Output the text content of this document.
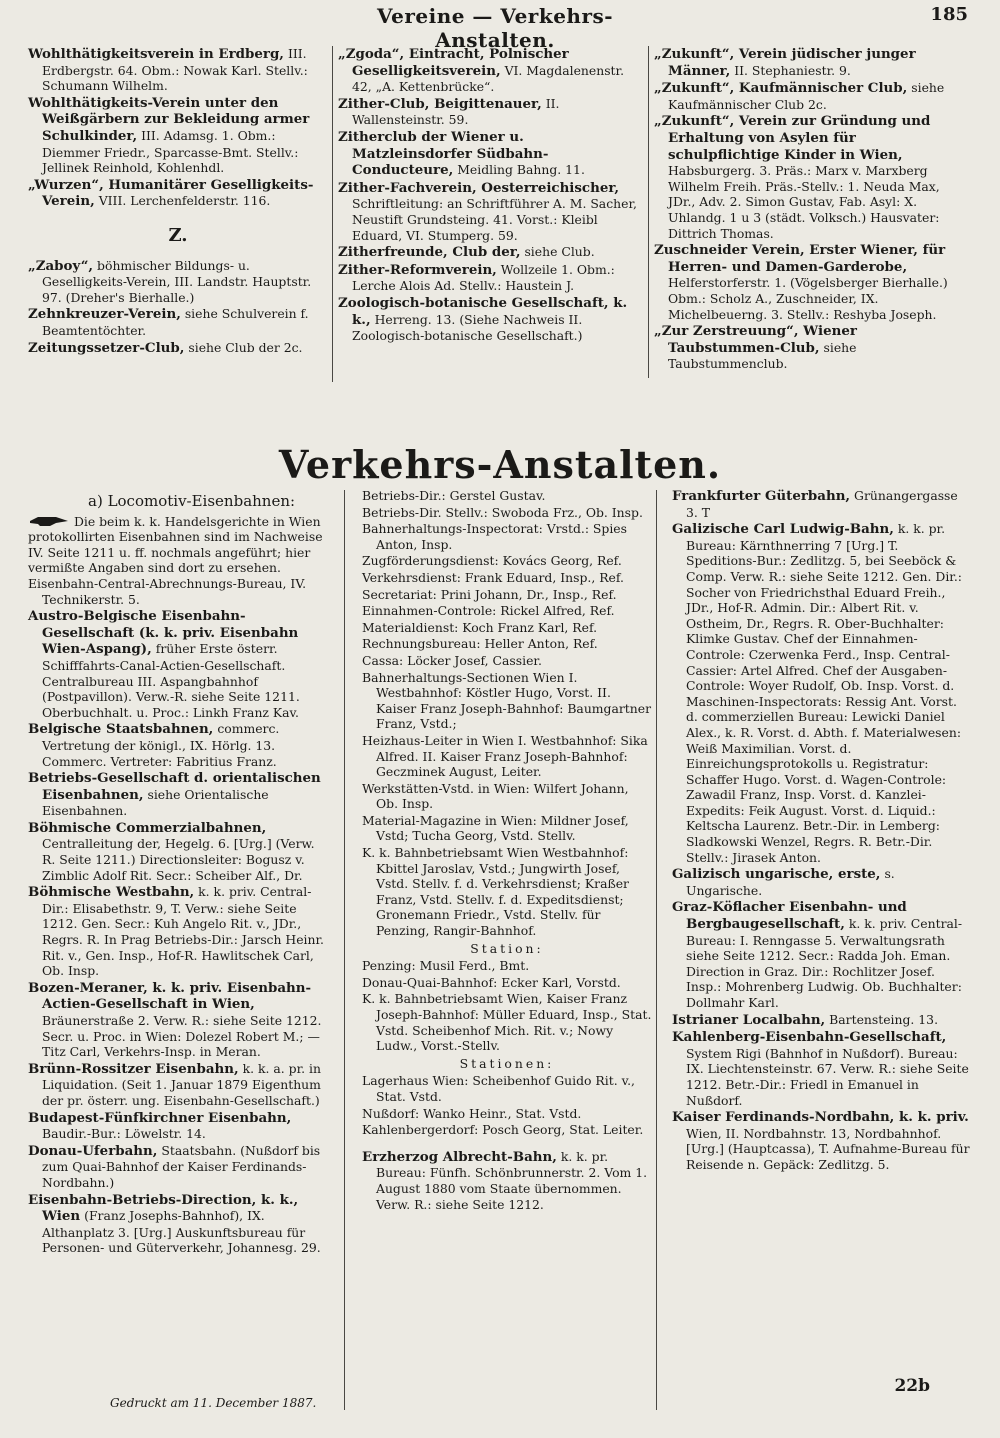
Vereine — Verkehrs-Anstalten.
185
Wohlthätigkeitsverein in Erdberg, III. Erdbergstr. 64. Obm.: Nowak Karl. Stellv.: Schumann Wilhelm.
Wohlthätigkeits-Verein unter den Weißgärbern zur Bekleidung armer Schulkinder, III. Adamsg. 1. Obm.: Diemmer Friedr., Sparcasse-Bmt. Stellv.: Jellinek Reinhold, Kohlenhdl.
„Wurzen“, Humanitärer Geselligkeits-Verein, VIII. Lerchenfelderstr. 116.
Z.
„Zaboy“, böhmischer Bildungs- u. Geselligkeits-Verein, III. Landstr. Hauptstr. 97. (Dreher's Bierhalle.)
Zehnkreuzer-Verein, siehe Schulverein f. Beamtentöchter.
Zeitungssetzer-Club, siehe Club der 2c.
„Zgoda“, Eintracht, Polnischer Geselligkeitsverein, VI. Magdalenenstr. 42, „A. Kettenbrücke“.
Zither-Club, Beigittenauer, II. Wallensteinstr. 59.
Zitherclub der Wiener u. Matzleinsdorfer Südbahn-Conducteure, Meidling Bahng. 11.
Zither-Fachverein, Oesterreichischer, Schriftleitung: an Schriftführer A. M. Sacher, Neustift Grundsteing. 41. Vorst.: Kleibl Eduard, VI. Stumperg. 59.
Zitherfreunde, Club der, siehe Club.
Zither-Reformverein, Wollzeile 1. Obm.: Lerche Alois Ad. Stellv.: Haustein J.
Zoologisch-botanische Gesellschaft, k. k., Herreng. 13. (Siehe Nachweis II. Zoologisch-botanische Gesellschaft.)
„Zukunft“, Verein jüdischer junger Männer, II. Stephaniestr. 9.
„Zukunft“, Kaufmännischer Club, siehe Kaufmännischer Club 2c.
„Zukunft“, Verein zur Gründung und Erhaltung von Asylen für schulpflichtige Kinder in Wien, Habsburgerg. 3. Präs.: Marx v. Marxberg Wilhelm Freih. Präs.-Stellv.: 1. Neuda Max, JDr., Adv. 2. Simon Gustav, Fab. Asyl: X. Uhlandg. 1 u 3 (städt. Volksch.) Hausvater: Dittrich Thomas.
Zuschneider Verein, Erster Wiener, für Herren- und Damen-Garderobe, Helferstorferstr. 1. (Vögelsberger Bierhalle.) Obm.: Scholz A., Zuschneider, IX. Michelbeuerng. 3. Stellv.: Reshyba Joseph.
„Zur Zerstreuung“, Wiener Taubstummen-Club, siehe Taubstummenclub.
Verkehrs-Anstalten.
a) Locomotiv-Eisenbahnen:
Die beim k. k. Handelsgerichte in Wien protokollirten Eisenbahnen sind im Nachweise IV. Seite 1211 u. ff. nochmals angeführt; hier vermißte Angaben sind dort zu ersehen.
Eisenbahn-Central-Abrechnungs-Bureau, IV. Technikerstr. 5.
Austro-Belgische Eisenbahn-Gesellschaft (k. k. priv. Eisenbahn Wien-Aspang), früher Erste österr. Schifffahrts-Canal-Actien-Gesellschaft. Centralbureau III. Aspangbahnhof (Postpavillon). Verw.-R. siehe Seite 1211. Oberbuchhalt. u. Proc.: Linkh Franz Kav.
Belgische Staatsbahnen, commerc. Vertretung der königl., IX. Hörlg. 13. Commerc. Vertreter: Fabritius Franz.
Betriebs-Gesellschaft d. orientalischen Eisenbahnen, siehe Orientalische Eisenbahnen.
Böhmische Commerzialbahnen, Centralleitung der, Hegelg. 6. [Urg.] (Verw. R. Seite 1211.) Directionsleiter: Bogusz v. Zimblic Adolf Rit. Secr.: Scheiber Alf., Dr.
Böhmische Westbahn, k. k. priv. Central-Dir.: Elisabethstr. 9, T. Verw.: siehe Seite 1212. Gen. Secr.: Kuh Angelo Rit. v., JDr., Regrs. R. In Prag Betriebs-Dir.: Jarsch Heinr. Rit. v., Gen. Insp., Hof-R. Hawlitschek Carl, Ob. Insp.
Bozen-Meraner, k. k. priv. Eisenbahn-Actien-Gesellschaft in Wien, Bräunerstraße 2. Verw. R.: siehe Seite 1212. Secr. u. Proc. in Wien: Dolezel Robert M.; — Titz Carl, Verkehrs-Insp. in Meran.
Brünn-Rossitzer Eisenbahn, k. k. a. pr. in Liquidation. (Seit 1. Januar 1879 Eigenthum der pr. österr. ung. Eisenbahn-Gesellschaft.)
Budapest-Fünfkirchner Eisenbahn, Baudir.-Bur.: Löwelstr. 14.
Donau-Uferbahn, Staatsbahn. (Nußdorf bis zum Quai-Bahnhof der Kaiser Ferdinands-Nordbahn.)
Eisenbahn-Betriebs-Direction, k. k., Wien (Franz Josephs-Bahnhof), IX. Althanplatz 3. [Urg.] Auskunftsbureau für Personen- und Güterverkehr, Johannesg. 29.
Betriebs-Dir.: Gerstel Gustav.
Betriebs-Dir. Stellv.: Swoboda Frz., Ob. Insp.
Bahnerhaltungs-Inspectorat: Vrstd.: Spies Anton, Insp.
Zugförderungsdienst: Kovács Georg, Ref.
Verkehrsdienst: Frank Eduard, Insp., Ref.
Secretariat: Prini Johann, Dr., Insp., Ref.
Einnahmen-Controle: Rickel Alfred, Ref.
Materialdienst: Koch Franz Karl, Ref.
Rechnungsbureau: Heller Anton, Ref.
Cassa: Löcker Josef, Cassier.
Bahnerhaltungs-Sectionen Wien I. Westbahnhof: Köstler Hugo, Vorst. II. Kaiser Franz Joseph-Bahnhof: Baumgartner Franz, Vstd.;
Heizhaus-Leiter in Wien I. Westbahnhof: Sika Alfred. II. Kaiser Franz Joseph-Bahnhof: Geczminek August, Leiter.
Werkstätten-Vstd. in Wien: Wilfert Johann, Ob. Insp.
Material-Magazine in Wien: Mildner Josef, Vstd; Tucha Georg, Vstd. Stellv.
K. k. Bahnbetriebsamt Wien Westbahnhof: Kbittel Jaroslav, Vstd.; Jungwirth Josef, Vstd. Stellv. f. d. Verkehrsdienst; Kraßer Franz, Vstd. Stellv. f. d. Expeditsdienst; Gronemann Friedr., Vstd. Stellv. für Penzing, Rangir-Bahnhof.
Station:
Penzing: Musil Ferd., Bmt.
Donau-Quai-Bahnhof: Ecker Karl, Vorstd.
K. k. Bahnbetriebsamt Wien, Kaiser Franz Joseph-Bahnhof: Müller Eduard, Insp., Stat. Vstd. Scheibenhof Mich. Rit. v.; Nowy Ludw., Vorst.-Stellv.
Stationen:
Lagerhaus Wien: Scheibenhof Guido Rit. v., Stat. Vstd.
Nußdorf: Wanko Heinr., Stat. Vstd.
Kahlenbergerdorf: Posch Georg, Stat. Leiter.
Erzherzog Albrecht-Bahn, k. k. pr. Bureau: Fünfh. Schönbrunnerstr. 2. Vom 1. August 1880 vom Staate übernommen. Verw. R.: siehe Seite 1212.
Frankfurter Güterbahn, Grünangergasse 3. T
Galizische Carl Ludwig-Bahn, k. k. pr. Bureau: Kärnthnerring 7 [Urg.] T. Speditions-Bur.: Zedlitzg. 5, bei Seeböck & Comp. Verw. R.: siehe Seite 1212. Gen. Dir.: Socher von Friedrichsthal Eduard Freih., JDr., Hof-R. Admin. Dir.: Albert Rit. v. Ostheim, Dr., Regrs. R. Ober-Buchhalter: Klimke Gustav. Chef der Einnahmen-Controle: Czerwenka Ferd., Insp. Central-Cassier: Artel Alfred. Chef der Ausgaben-Controle: Woyer Rudolf, Ob. Insp. Vorst. d. Maschinen-Inspectorats: Ressig Ant. Vorst. d. commerziellen Bureau: Lewicki Daniel Alex., k. R. Vorst. d. Abth. f. Materialwesen: Weiß Maximilian. Vorst. d. Einreichungsprotokolls u. Registratur: Schaffer Hugo. Vorst. d. Wagen-Controle: Zawadil Franz, Insp. Vorst. d. Kanzlei-Expedits: Feik August. Vorst. d. Liquid.: Keltscha Laurenz. Betr.-Dir. in Lemberg: Sladkowski Wenzel, Regrs. R. Betr.-Dir. Stellv.: Jirasek Anton.
Galizisch ungarische, erste, s. Ungarische.
Graz-Köflacher Eisenbahn- und Bergbaugesellschaft, k. k. priv. Central-Bureau: I. Renngasse 5. Verwaltungsrath siehe Seite 1212. Secr.: Radda Joh. Eman. Direction in Graz. Dir.: Rochlitzer Josef. Insp.: Mohrenberg Ludwig. Ob. Buchhalter: Dollmahr Karl.
Istrianer Localbahn, Bartensteing. 13.
Kahlenberg-Eisenbahn-Gesellschaft, System Rigi (Bahnhof in Nußdorf). Bureau: IX. Liechtensteinstr. 67. Verw. R.: siehe Seite 1212. Betr.-Dir.: Friedl in Emanuel in Nußdorf.
Kaiser Ferdinands-Nordbahn, k. k. priv. Wien, II. Nordbahnstr. 13, Nordbahnhof. [Urg.] (Hauptcassa), T. Aufnahme-Bureau für Reisende n. Gepäck: Zedlitzg. 5.
22b
Gedruckt am 11. December 1887.
